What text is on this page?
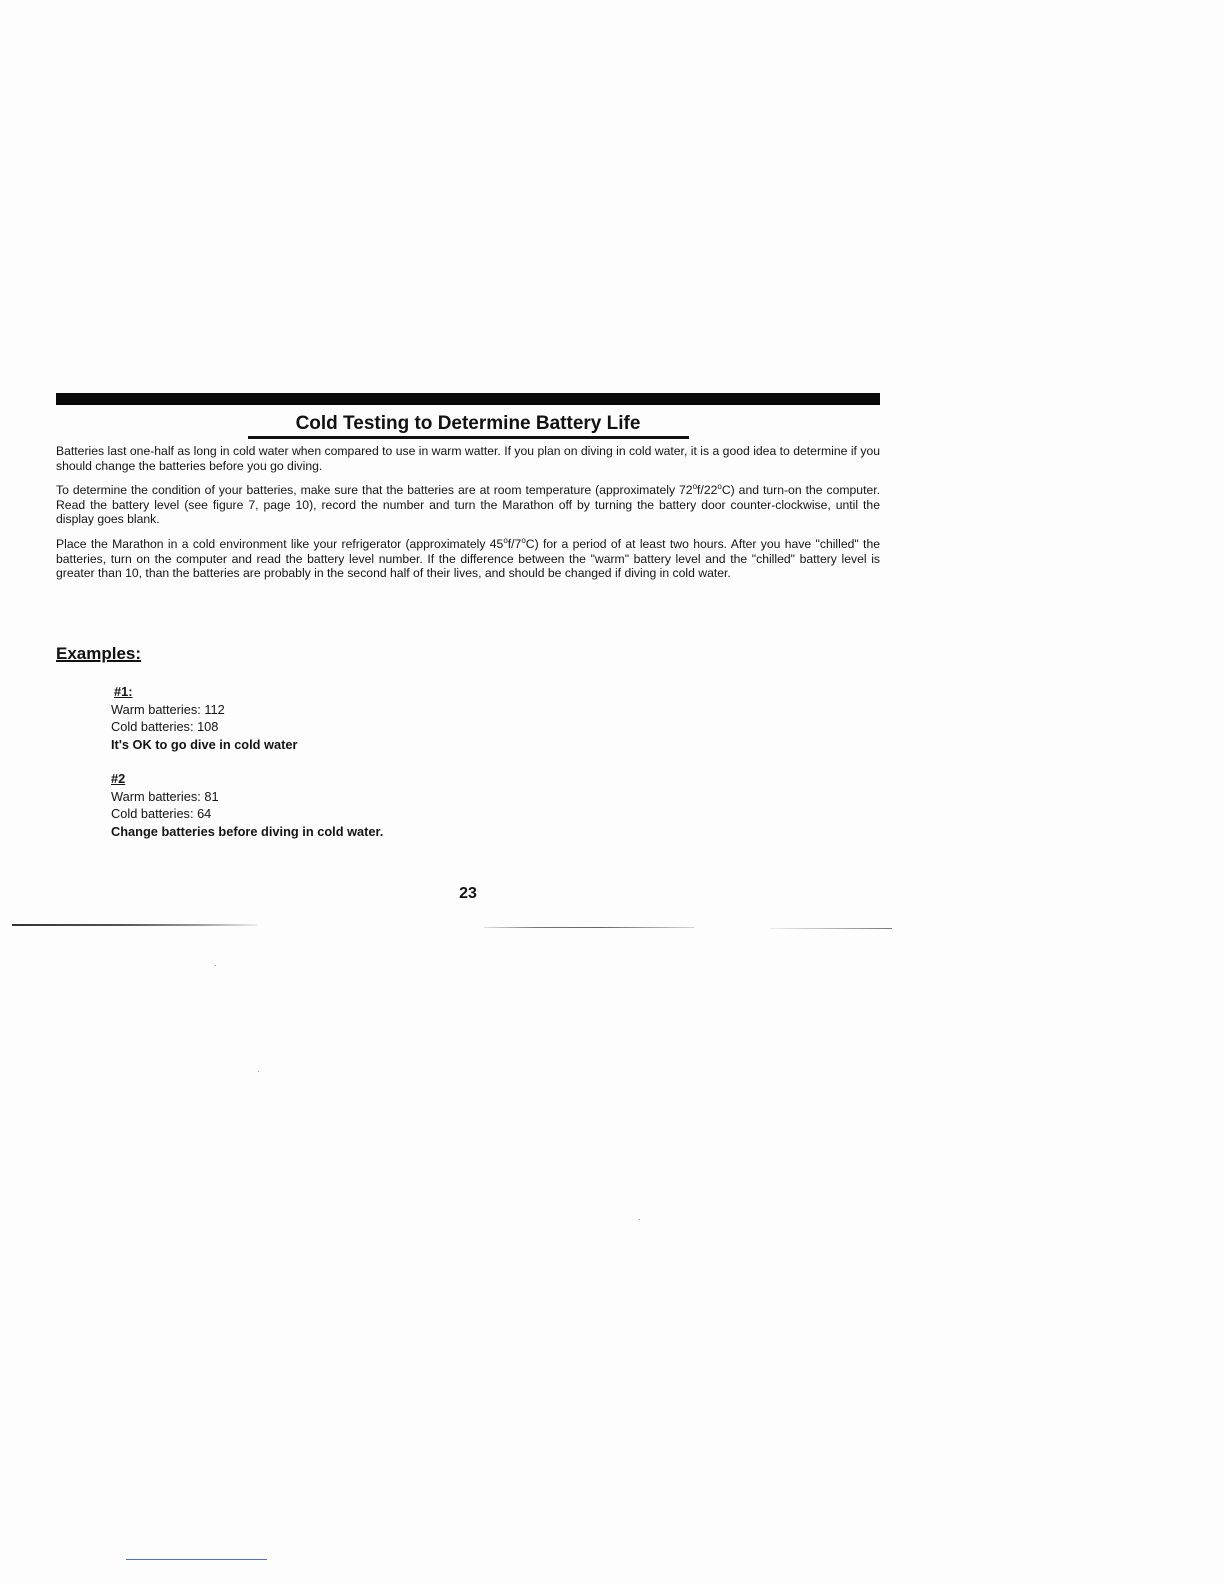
Cold Testing to Determine Battery Life

Batteries last one-half as long in cold water when compared to use in warm watter. If you plan on diving in cold water, it is a good idea to determine if you should change the batteries before you go diving.

To determine the condition of your batteries, make sure that the batteries are at room temperature (approximately 72$^o$f/22$^o$C) and turn-on the computer. Read the battery level (see figure 7, page 10), record the number and turn the Marathon off by turning the battery door counter-clockwise, until the display goes blank.

Place the Marathon in a cold environment like your refrigerator (approximately 45$^o$f/7$^o$C) for a period of at least two hours. After you have "chilled" the batteries, turn on the computer and read the battery level number. If the difference between the "warm" battery level and the "chilled" battery level is greater than 10, than the batteries are probably in the second half of their lives, and should be changed if diving in cold water.

Examples:
#1:
Warm batteries: 112
Cold batteries: 108
It's OK to go dive in cold water
#2
Warm batteries: 81
Cold batteries: 64
Change batteries before diving in cold water.
23
